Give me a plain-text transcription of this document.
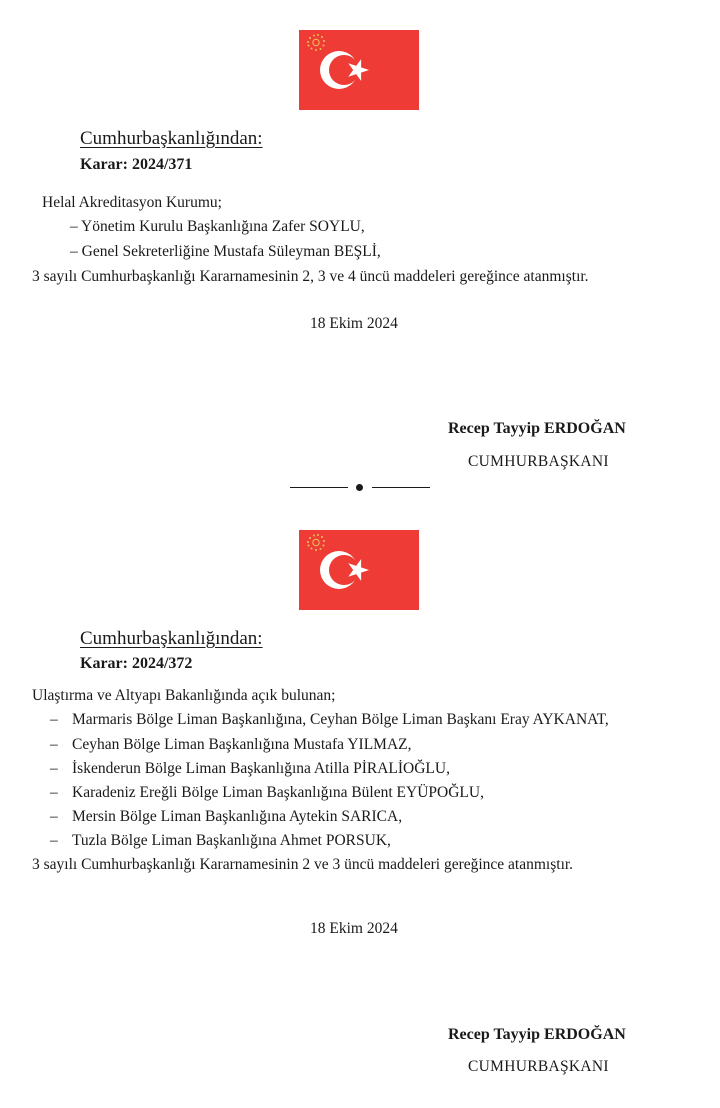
Cumhurbaşkanlığından:
Karar: 2024/371
Helal Akreditasyon Kurumu;
– Yönetim Kurulu Başkanlığına Zafer SOYLU,
– Genel Sekreterliğine Mustafa Süleyman BEŞLİ,
3 sayılı Cumhurbaşkanlığı Kararnamesinin 2, 3 ve 4 üncü maddeleri gereğince atanmıştır.
18 Ekim 2024
Recep Tayyip ERDOĞAN
CUMHURBAŞKANI
Cumhurbaşkanlığından:
Karar: 2024/372
Ulaştırma ve Altyapı Bakanlığında açık bulunan;
– Marmaris Bölge Liman Başkanlığına, Ceyhan Bölge Liman Başkanı Eray AYKANAT,
– Ceyhan Bölge Liman Başkanlığına Mustafa YILMAZ,
– İskenderun Bölge Liman Başkanlığına Atilla PİRALİOĞLU,
– Karadeniz Ereğli Bölge Liman Başkanlığına Bülent EYÜPOĞLU,
– Mersin Bölge Liman Başkanlığına Aytekin SARICA,
– Tuzla Bölge Liman Başkanlığına Ahmet PORSUK,
3 sayılı Cumhurbaşkanlığı Kararnamesinin 2 ve 3 üncü maddeleri gereğince atanmıştır.
18 Ekim 2024
Recep Tayyip ERDOĞAN
CUMHURBAŞKANI
